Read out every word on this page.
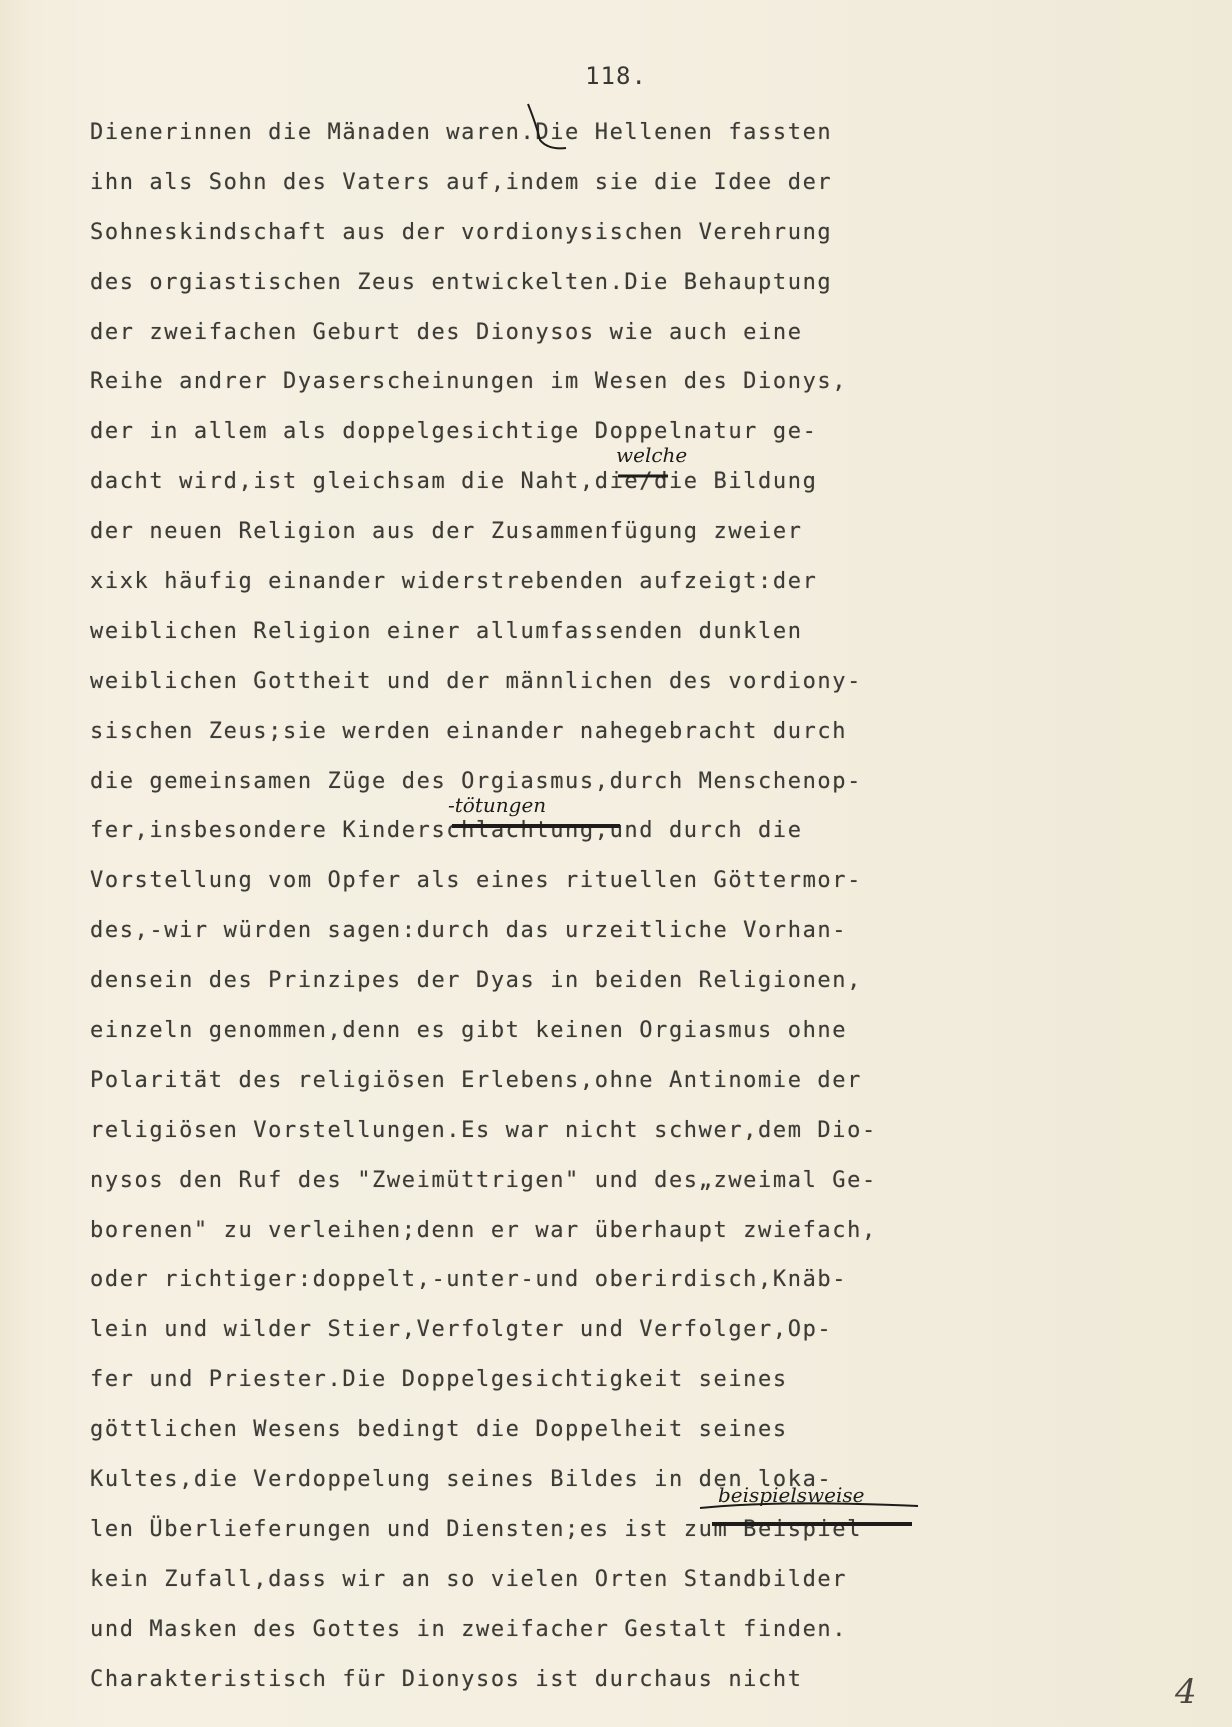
118.
Dienerinnen die Mänaden waren.Die Hellenen fassten
ihn als Sohn des Vaters auf,indem sie die Idee der
Sohneskindschaft aus der vordionysischen Verehrung
des orgiastischen Zeus entwickelten.Die Behauptung
der zweifachen Geburt des Dionysos wie auch eine
Reihe andrer Dyaserscheinungen im Wesen des Dionys,
der in allem als doppelgesichtige Doppelnatur ge-
dacht wird,ist gleichsam die Naht,die/die Bildung
der neuen Religion aus der Zusammenfügung zweier
xixk häufig einander widerstrebenden aufzeigt:der
weiblichen Religion einer allumfassenden dunklen
weiblichen Gottheit und der männlichen des vordiony-
sischen Zeus;sie werden einander nahegebracht durch
die gemeinsamen Züge des Orgiasmus,durch Menschenop-
fer,insbesondere Kinderschlachtung,und durch die
Vorstellung vom Opfer als eines rituellen Göttermor-
des,-wir würden sagen:durch das urzeitliche Vorhan-
densein des Prinzipes der Dyas in beiden Religionen,
einzeln genommen,denn es gibt keinen Orgiasmus ohne
Polarität des religiösen Erlebens,ohne Antinomie der
religiösen Vorstellungen.Es war nicht schwer,dem Dio-
nysos den Ruf des "Zweimüttrigen" und des„zweimal Ge-
borenen" zu verleihen;denn er war überhaupt zwiefach,
oder richtiger:doppelt,-unter-und oberirdisch,Knäb-
lein und wilder Stier,Verfolgter und Verfolger,Op-
fer und Priester.Die Doppelgesichtigkeit seines
göttlichen Wesens bedingt die Doppelheit seines
Kultes,die Verdoppelung seines Bildes in den loka-
len Überlieferungen und Diensten;es ist zum Beispiel
kein Zufall,dass wir an so vielen Orten Standbilder
und Masken des Gottes in zweifacher Gestalt finden.
Charakteristisch für Dionysos ist durchaus nicht
welche
-tötungen
beispielsweise
4
